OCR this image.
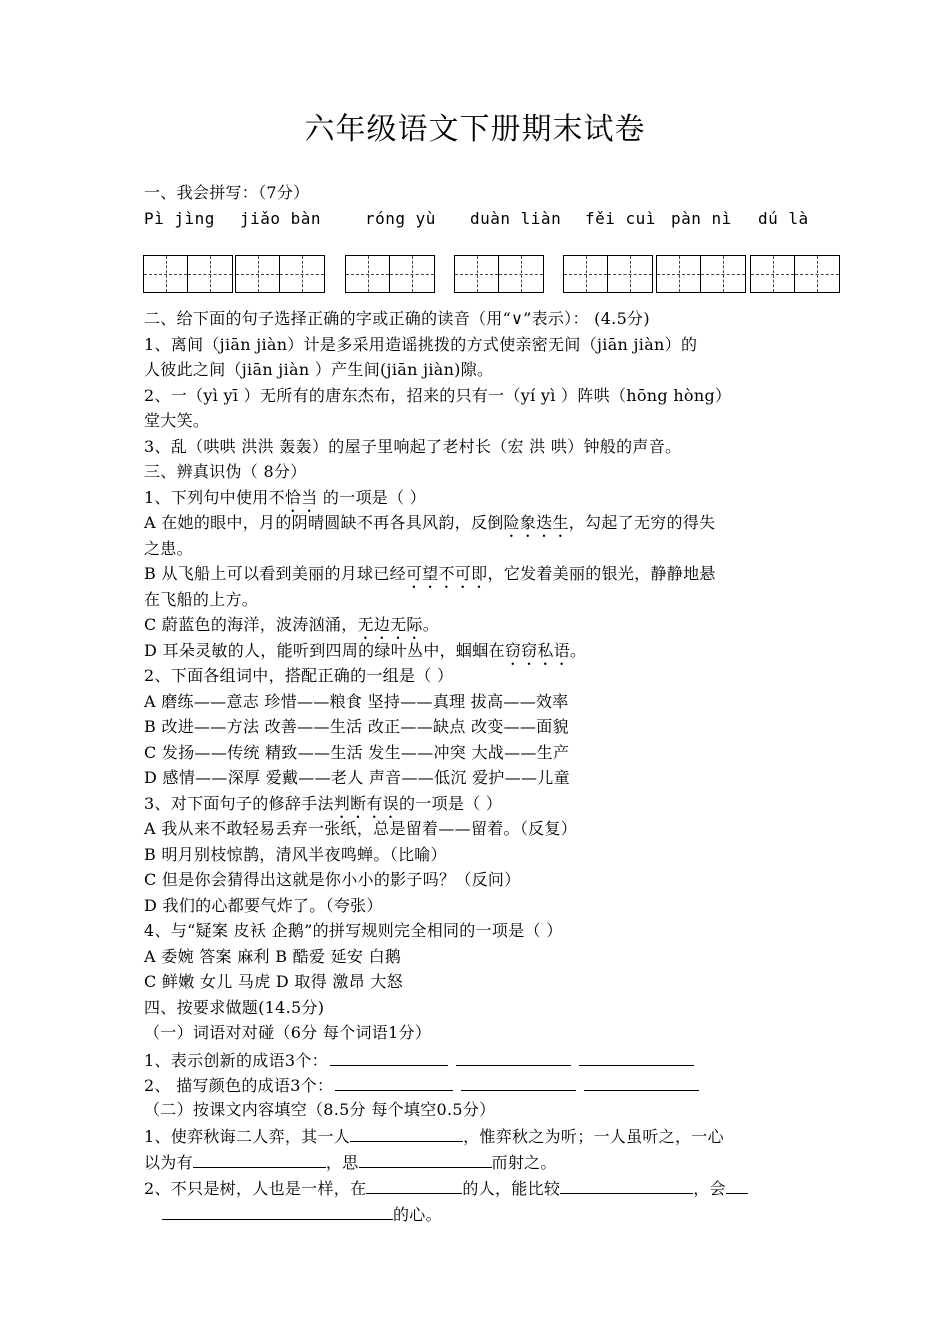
六年级语文下册期末试卷
一、我会拼写：（7分）
Pì jìng jiǎo bàn	róng yù duàn liàn fěi cuì pàn nì dú là
二、给下面的句子选择正确的字或正确的读音（用“∨”表示）： (4.5分)
1、离间（jiān jiàn）计是多采用造谣挑拨的方式使亲密无间（jiān jiàn）的
人彼此之间（jiān jiàn ）产生间(jiān jiàn)隙。
2、一（yì yī ）无所有的唐东杰布，招来的只有一（yí yì ）阵哄（hōng hòng）
堂大笑。
3、乱（哄哄 洪洪 轰轰）的屋子里响起了老村长（宏 洪 哄）钟般的声音。
三、辨真识伪（ 8分）
1、下列句中使用不恰当 的一项是（ ）
A 在她的眼中，月的阴晴圆缺不再各具风韵，反倒险象迭生，勾起了无穷的得失
之患。
B 从飞船上可以看到美丽的月球已经可望不可即，它发着美丽的银光，静静地悬
在飞船的上方。
C 蔚蓝色的海洋，波涛汹涌，无边无际。
D 耳朵灵敏的人，能听到四周的绿叶丛中，蝈蝈在窃窃私语。
2、下面各组词中，搭配正确的一组是（ ）
A 磨练——意志 珍惜——粮食 坚持——真理 拔高——效率
B 改进——方法 改善——生活 改正——缺点 改变——面貌
C 发扬——传统 精致——生活 发生——冲突 大战——生产
D 感情——深厚 爱戴——老人 声音——低沉 爱护——儿童
3、对下面句子的修辞手法判断有误的一项是（ ）
A 我从来不敢轻易丢弃一张纸，总是留着——留着。（反复）
B 明月别枝惊鹊，清风半夜鸣蝉。（比喻）
C 但是你会猜得出这就是你小小的影子吗？（反问）
D 我们的心都要气炸了。（夸张）
4、与“疑案 皮袄 企鹅”的拼写规则完全相同的一项是（ ）
A 委婉 答案 麻利 B 酷爱 延安 白鹅
C 鲜嫩 女儿 马虎 D 取得 激昂 大怒
四、按要求做题(14.5分)
（一）词语对对碰（6分 每个词语1分）
1、表示创新的成语3个：
2、 描写颜色的成语3个：
（二）按课文内容填空（8.5分 每个填空0.5分）
1、使弈秋诲二人弈，其一人	，惟弈秋之为听；一人虽听之，一心
以为有	，思	而射之。
2、不只是树，人也是一样，在	的人，能比较	，会
的心。
